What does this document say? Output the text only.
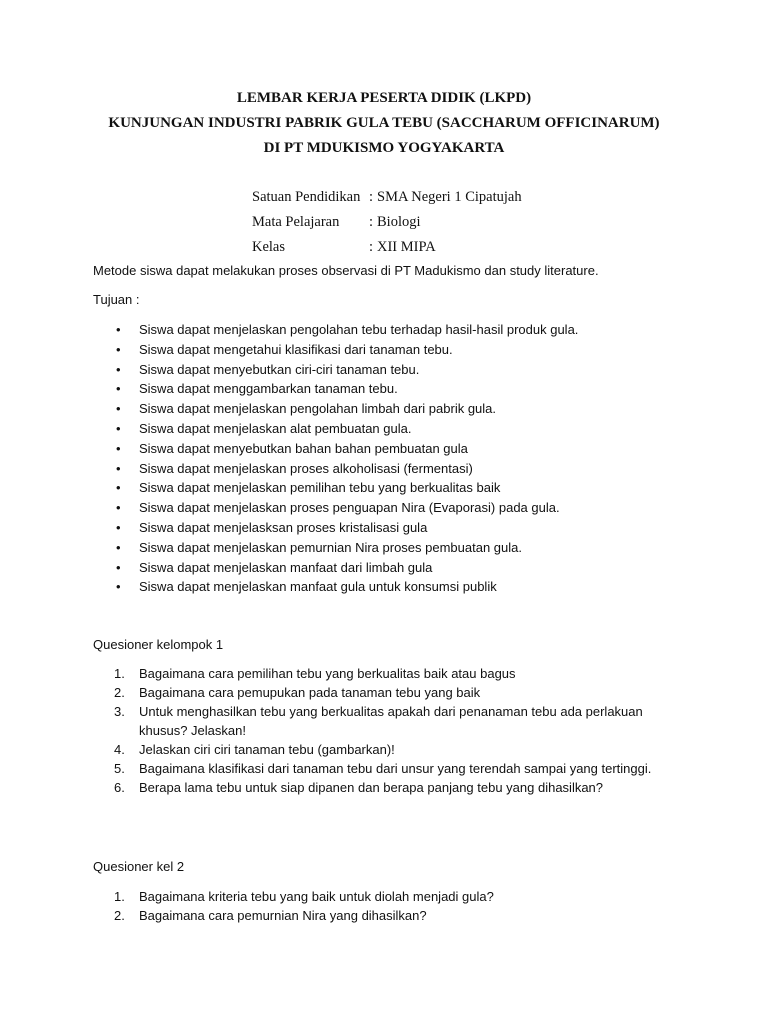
LEMBAR KERJA PESERTA DIDIK (LKPD)
KUNJUNGAN INDUSTRI PABRIK GULA TEBU (SACCHARUM OFFICINARUM)
DI PT MDUKISMO YOGYAKARTA
Satuan Pendidikan : SMA Negeri 1 Cipatujah
Mata Pelajaran : Biologi
Kelas	: XII MIPA
Metode siswa dapat melakukan proses observasi di PT Madukismo dan study literature.
Tujuan :
• Siswa dapat menjelaskan pengolahan tebu terhadap hasil-hasil produk gula.
• Siswa dapat mengetahui klasifikasi dari tanaman tebu.
• Siswa dapat menyebutkan ciri-ciri tanaman tebu.
• Siswa dapat menggambarkan tanaman tebu.
• Siswa dapat menjelaskan pengolahan limbah dari pabrik gula.
• Siswa dapat menjelaskan alat pembuatan gula.
• Siswa dapat menyebutkan bahan bahan pembuatan gula
• Siswa dapat menjelaskan proses alkoholisasi (fermentasi)
• Siswa dapat menjelaskan pemilihan tebu yang berkualitas baik
• Siswa dapat menjelaskan proses penguapan Nira (Evaporasi) pada gula.
• Siswa dapat menjelasksan proses kristalisasi gula
• Siswa dapat menjelaskan pemurnian Nira proses pembuatan gula.
• Siswa dapat menjelaskan manfaat dari limbah gula
• Siswa dapat menjelaskan manfaat gula untuk konsumsi publik
Quesioner kelompok 1
1. Bagaimana cara pemilihan tebu yang berkualitas baik atau bagus
2. Bagaimana cara pemupukan pada tanaman tebu yang baik
3. Untuk menghasilkan tebu yang berkualitas apakah dari penanaman tebu ada perlakuan khusus? Jelaskan!
4. Jelaskan ciri ciri tanaman tebu (gambarkan)!
5. Bagaimana klasifikasi dari tanaman tebu dari unsur yang terendah sampai yang tertinggi.
6. Berapa lama tebu untuk siap dipanen dan berapa panjang tebu yang dihasilkan?
Quesioner kel 2
1. Bagaimana kriteria tebu yang baik untuk diolah menjadi gula?
2. Bagaimana cara pemurnian Nira yang dihasilkan?
